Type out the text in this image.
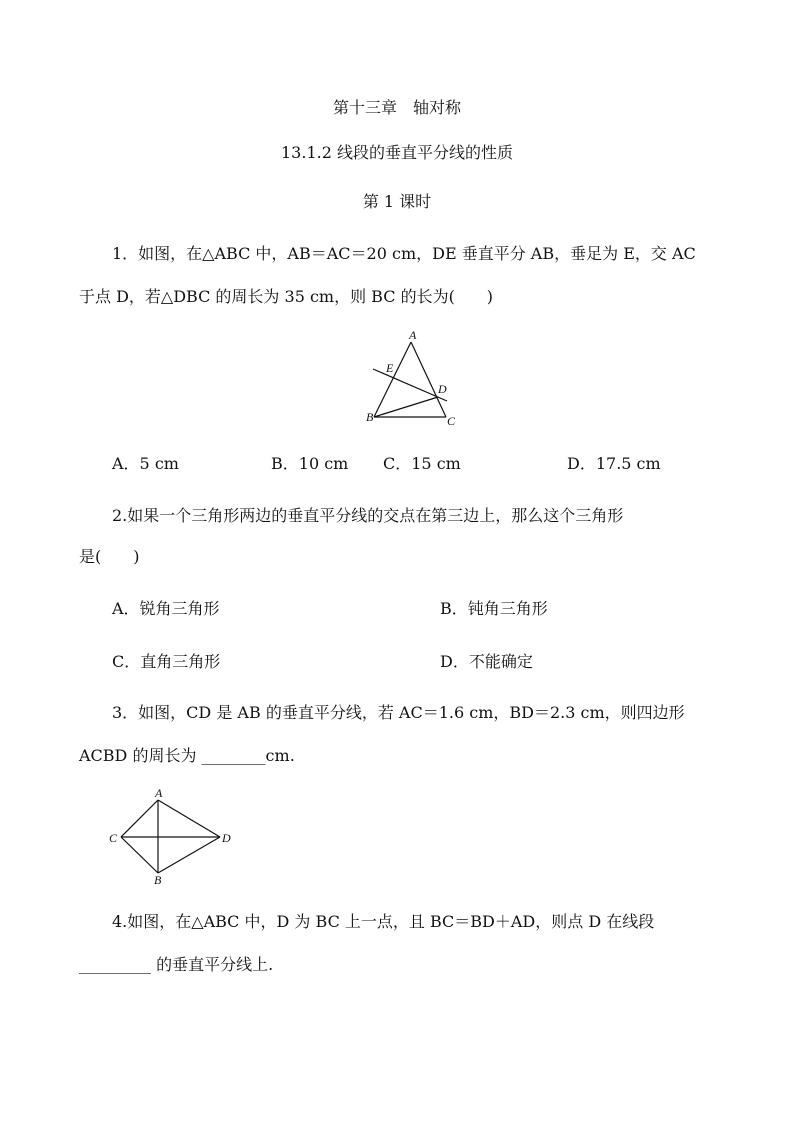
第十三章　轴对称
13.1.2 线段的垂直平分线的性质
第 1 课时
1．如图，在△ABC 中，AB＝AC＝20 cm，DE 垂直平分 AB，垂足为 E，交 AC
于点 D，若△DBC 的周长为 35 cm，则 BC 的长为(　　)
A
E
D
B	C
A．5 cm	B．10 cm C．15 cm	D．17.5 cm
2.如果一个三角形两边的垂直平分线的交点在第三边上，那么这个三角形
是(　　)
A．锐角三角形	B．钝角三角形
C．直角三角形	D．不能确定
3．如图，CD 是 AB 的垂直平分线，若 AC＝1.6 cm，BD＝2.3 cm，则四边形
ACBD 的周长为 ________cm.
A
C	D
B
4.如图，在△ABC 中，D 为 BC 上一点，且 BC＝BD＋AD，则点 D 在线段
_________ 的垂直平分线上.
